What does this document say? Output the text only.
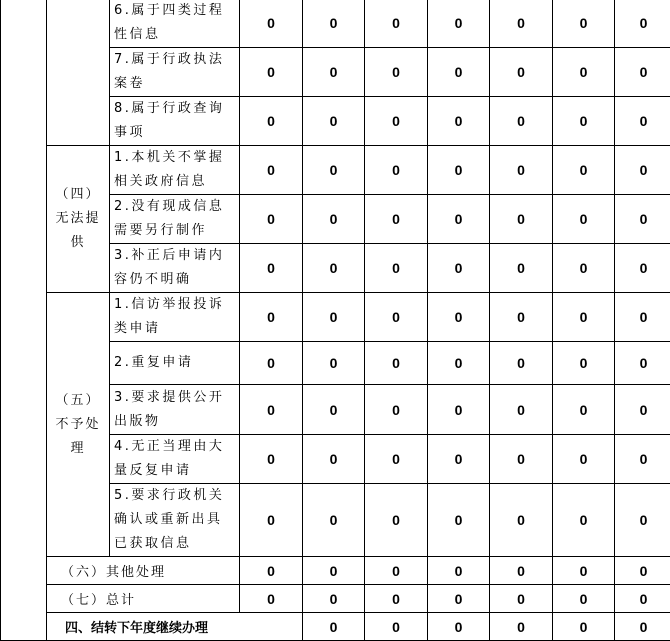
		6.属于四类过程性信息	0	0	0	0	0	0	0	
		7.属于行政执法案卷	0	0	0	0	0	0	0	
		8.属于行政查询事项	0	0	0	0	0	0	0	
	（四）无法提供	1.本机关不掌握相关政府信息	0	0	0	0	0	0	0	
		2.没有现成信息需要另行制作	0	0	0	0	0	0	0	
		3.补正后申请内容仍不明确	0	0	0	0	0	0	0	
	（五）不予处理	1.信访举报投诉类申请	0	0	0	0	0	0	0	
		2.重复申请	0	0	0	0	0	0	0	
		3.要求提供公开出版物	0	0	0	0	0	0	0	
		4.无正当理由大量反复申请	0	0	0	0	0	0	0	
		5.要求行政机关确认或重新出具已获取信息	0	0	0	0	0	0	0	
	（六）其他处理		0	0	0	0	0	0	0	
	（七）总计		0	0	0	0	0	0	0	
	四、结转下年度继续办理			0	0	0	0	0	0	
